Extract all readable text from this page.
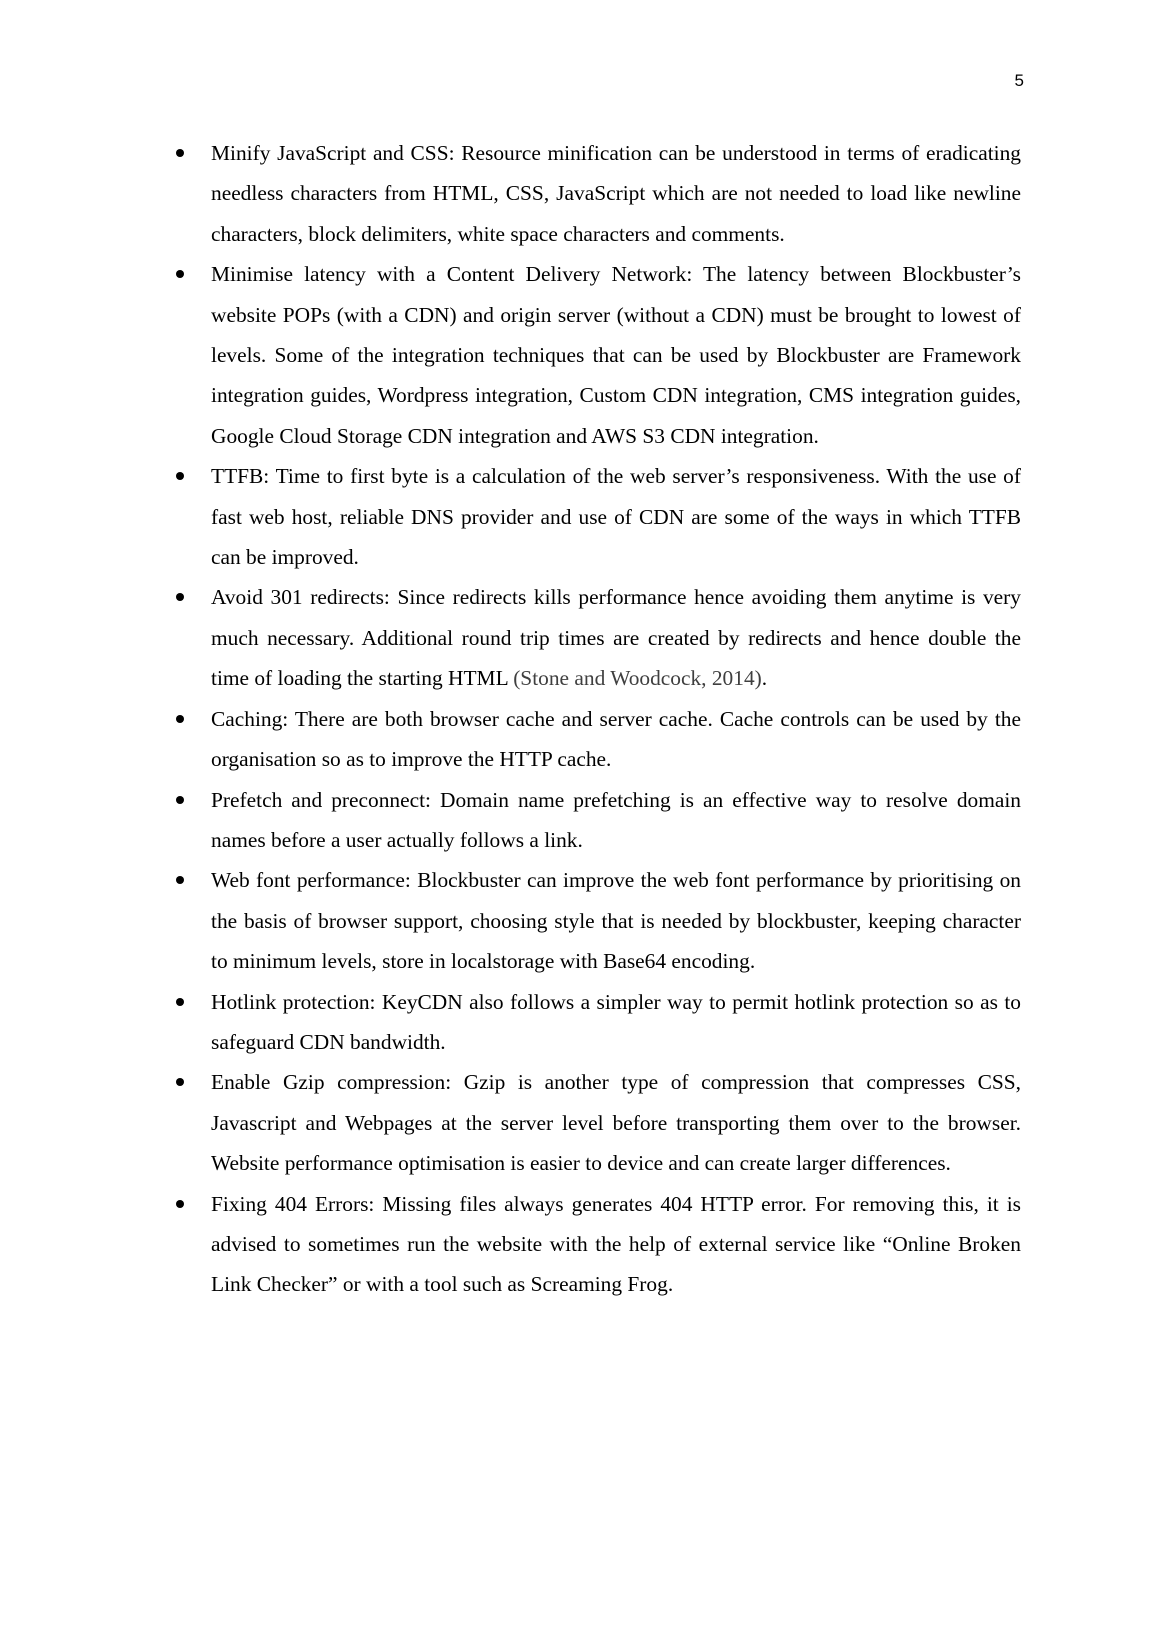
5
Minify JavaScript and CSS: Resource minification can be understood in terms of eradicating needless characters from HTML, CSS, JavaScript which are not needed to load like newline characters, block delimiters, white space characters and comments.
Minimise latency with a Content Delivery Network: The latency between Blockbuster’s website POPs (with a CDN) and origin server (without a CDN) must be brought to lowest of levels. Some of the integration techniques that can be used by Blockbuster are Framework integration guides, Wordpress integration, Custom CDN integration, CMS integration guides, Google Cloud Storage CDN integration and AWS S3 CDN integration.
TTFB: Time to first byte is a calculation of the web server’s responsiveness. With the use of fast web host, reliable DNS provider and use of CDN are some of the ways in which TTFB can be improved.
Avoid 301 redirects: Since redirects kills performance hence avoiding them anytime is very much necessary. Additional round trip times are created by redirects and hence double the time of loading the starting HTML (Stone and Woodcock, 2014).
Caching: There are both browser cache and server cache. Cache controls can be used by the organisation so as to improve the HTTP cache.
Prefetch and preconnect: Domain name prefetching is an effective way to resolve domain names before a user actually follows a link.
Web font performance: Blockbuster can improve the web font performance by prioritising on the basis of browser support, choosing style that is needed by blockbuster, keeping character to minimum levels, store in localstorage with Base64 encoding.
Hotlink protection: KeyCDN also follows a simpler way to permit hotlink protection so as to safeguard CDN bandwidth.
Enable Gzip compression: Gzip is another type of compression that compresses CSS, Javascript and Webpages at the server level before transporting them over to the browser. Website performance optimisation is easier to device and can create larger differences.
Fixing 404 Errors: Missing files always generates 404 HTTP error. For removing this, it is advised to sometimes run the website with the help of external service like “Online Broken Link Checker” or with a tool such as Screaming Frog.
